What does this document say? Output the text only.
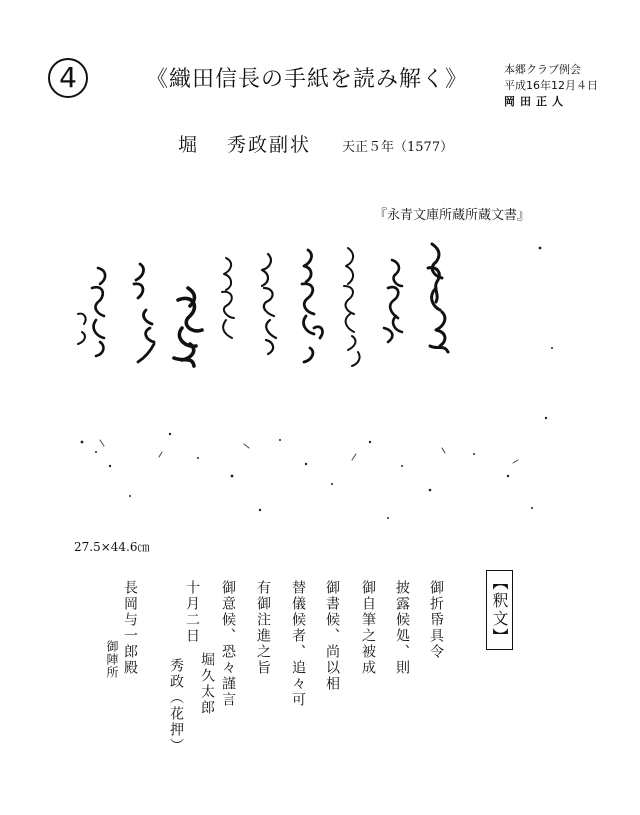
4	《織田信長の手紙を読み解く》	本郷クラブ例会
平成16年12月４日
岡田正人
堀 秀政副状 天正５年（1577）
『永青文庫所蔵所蔵文書』
27.5×44.6㎝
【釈文】
御折帋具令
披露候処、則
御自筆之被成
御書候、尚以相
替儀候者、追々可
有御注進之旨
御意候、恐々謹言
十月二日
堀久太郎
秀政（花押）
長岡与一郎殿
御陣所
